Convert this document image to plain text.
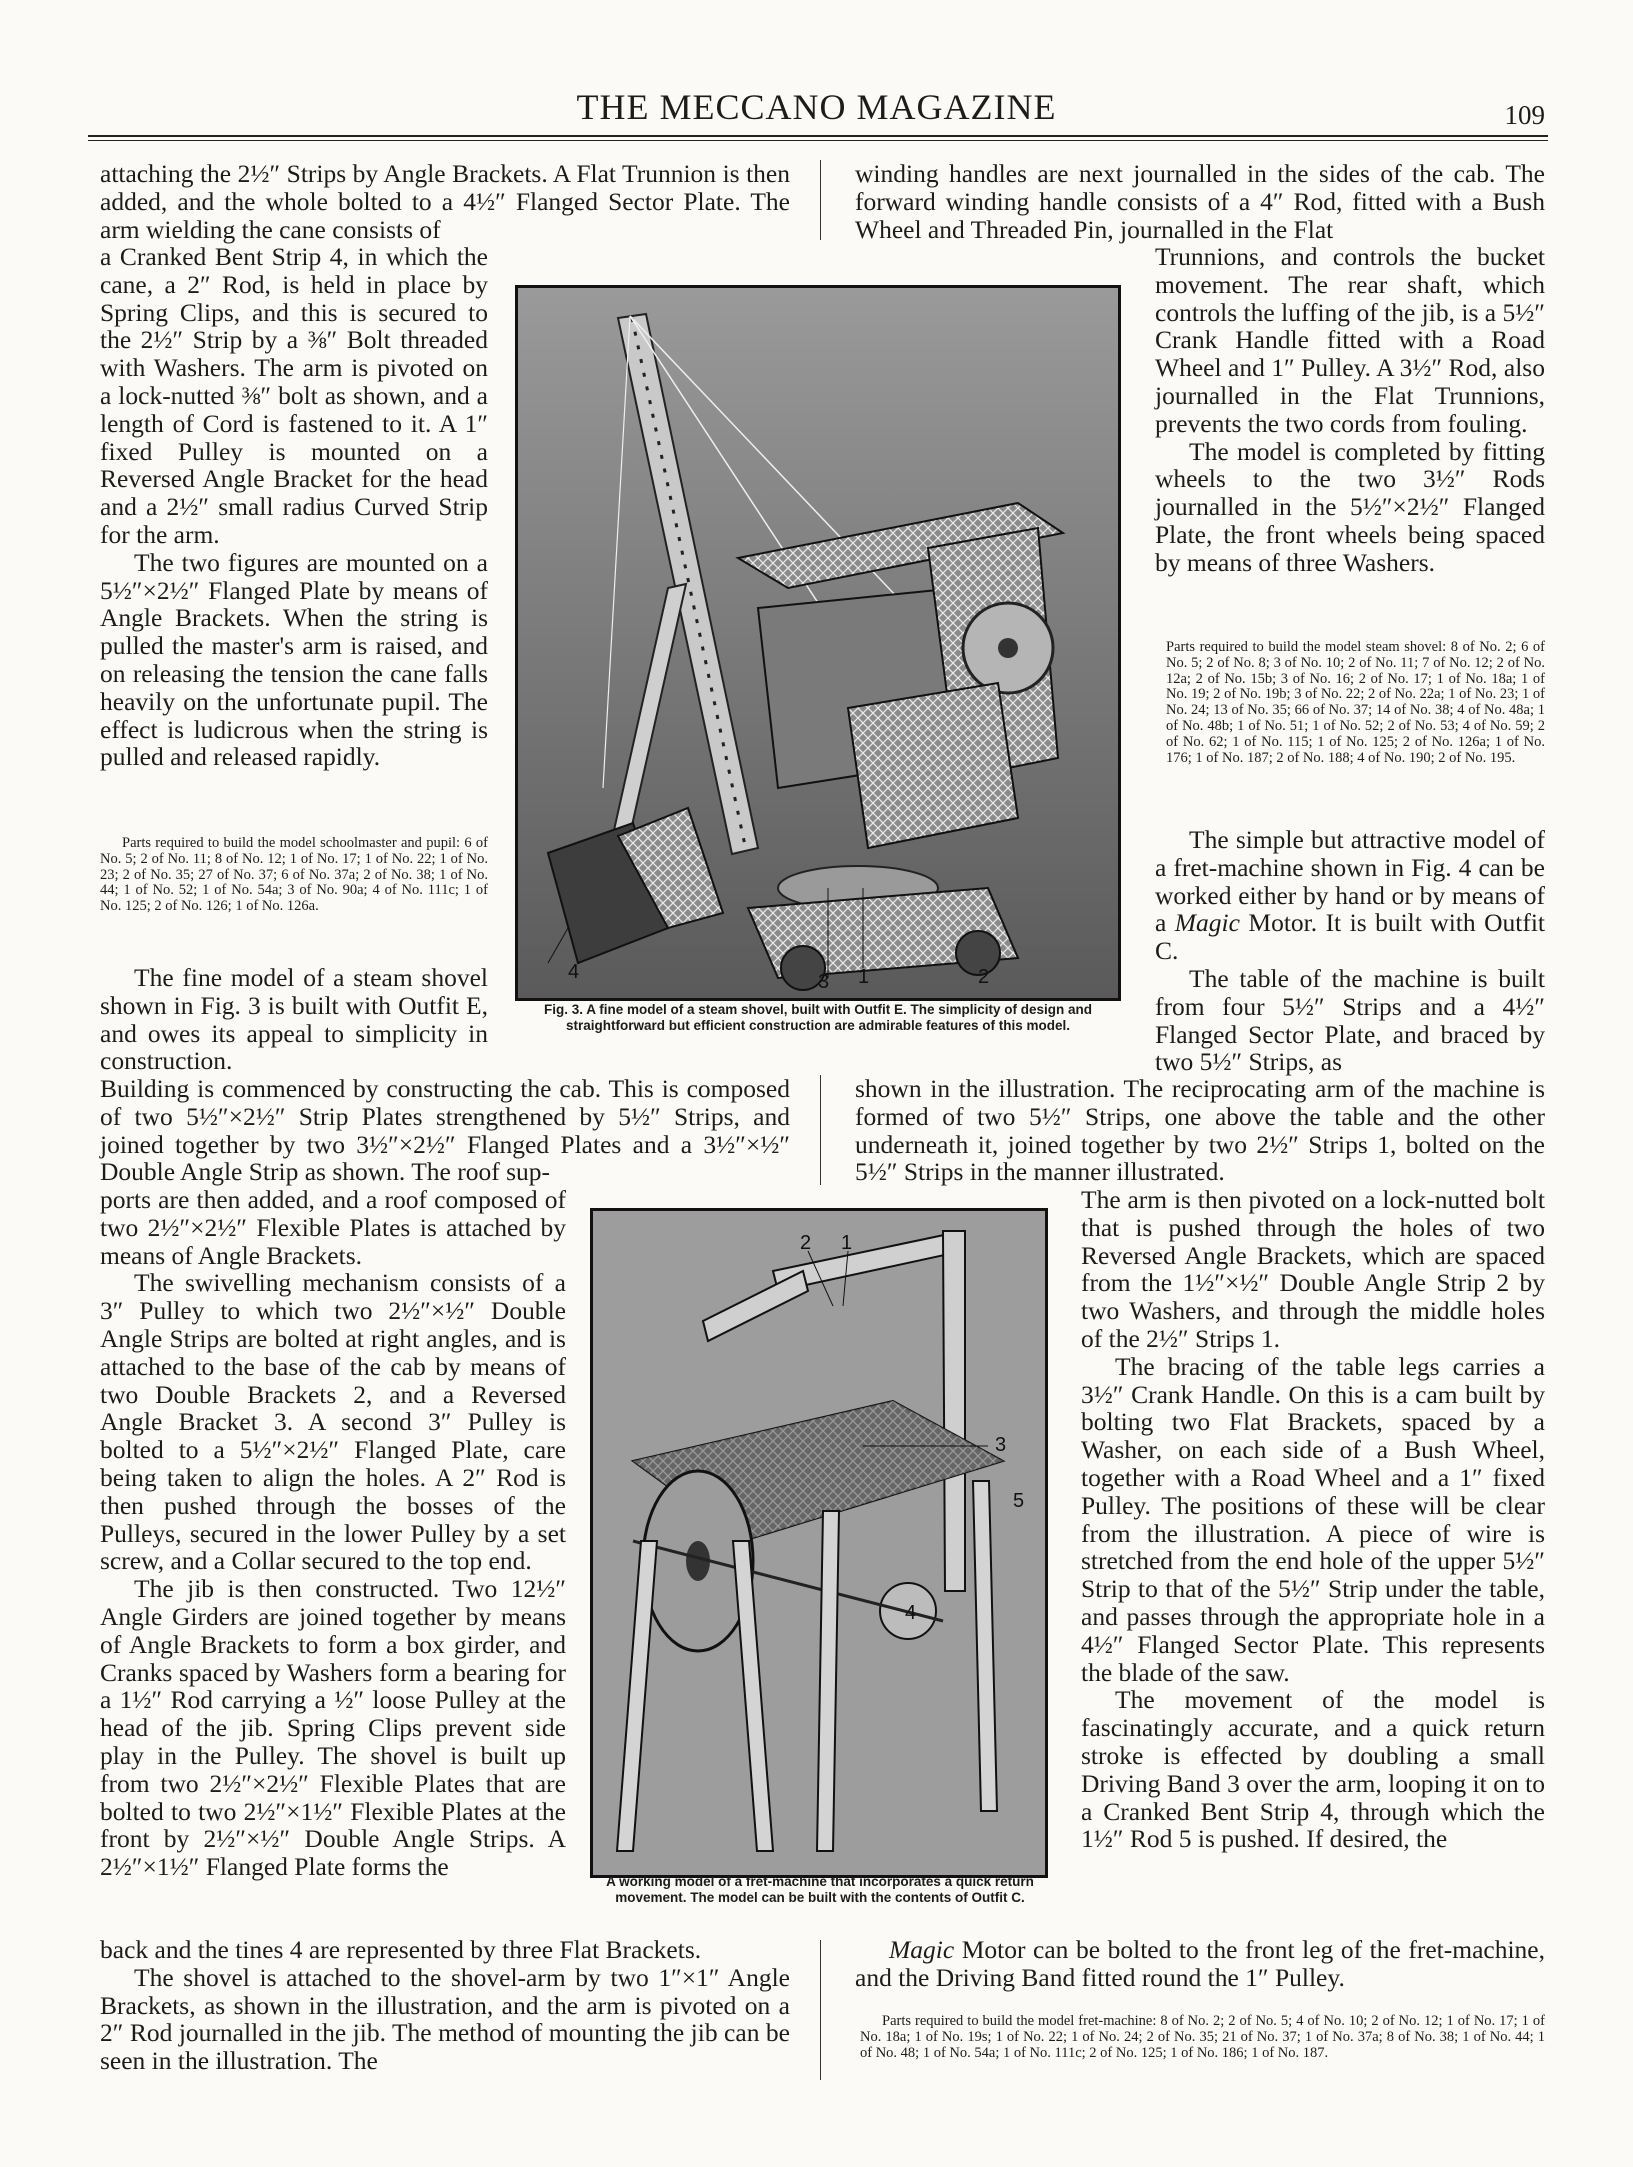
THE MECCANO MAGAZINE	109

attaching the 2½″ Strips by Angle Brackets. A Flat Trunnion is then added, and the whole bolted to a 4½″ Flanged Sector Plate. The arm wielding the cane consists of

a Cranked Bent Strip 4, in which the cane, a 2″ Rod, is held in place by Spring Clips, and this is secured to the 2½″ Strip by a ⅜″ Bolt threaded with Washers. The arm is pivoted on a lock-nutted ⅜″ bolt as shown, and a length of Cord is fastened to it. A 1″ fixed Pulley is mounted on a Reversed Angle Bracket for the head and a 2½″ small radius Curved Strip for the arm.

The two figures are mounted on a 5½″×2½″ Flanged Plate by means of Angle Brackets. When the string is pulled the master's arm is raised, and on releasing the tension the cane falls heavily on the unfortunate pupil. The effect is ludicrous when the string is pulled and released rapidly.

Parts required to build the model schoolmaster and pupil: 6 of No. 5; 2 of No. 11; 8 of No. 12; 1 of No. 17; 1 of No. 22; 1 of No. 23; 2 of No. 35; 27 of No. 37; 6 of No. 37a; 2 of No. 38; 1 of No. 44; 1 of No. 52; 1 of No. 54a; 3 of No. 90a; 4 of No. 111c; 1 of No. 125; 2 of No. 126; 1 of No. 126a.

The fine model of a steam shovel shown in Fig. 3 is built with Outfit E, and owes its appeal to simplicity in construction.

Building is commenced by constructing the cab. This is composed of two 5½″×2½″ Strip Plates strengthened by 5½″ Strips, and joined together by two 3½″×2½″ Flanged Plates and a 3½″×½″ Double Angle Strip as shown. The roof sup-

ports are then added, and a roof composed of two 2½″×2½″ Flexible Plates is attached by means of Angle Brackets.

The swivelling mechanism consists of a 3″ Pulley to which two 2½″×½″ Double Angle Strips are bolted at right angles, and is attached to the base of the cab by means of two Double Brackets 2, and a Reversed Angle Bracket 3. A second 3″ Pulley is bolted to a 5½″×2½″ Flanged Plate, care being taken to align the holes. A 2″ Rod is then pushed through the bosses of the Pulleys, secured in the lower Pulley by a set screw, and a Collar secured to the top end.

The jib is then constructed. Two 12½″ Angle Girders are joined together by means of Angle Brackets to form a box girder, and Cranks spaced by Washers form a bearing for a 1½″ Rod carrying a ½″ loose Pulley at the head of the jib. Spring Clips prevent side play in the Pulley. The shovel is built up from two 2½″×2½″ Flexible Plates that are bolted to two 2½″×1½″ Flexible Plates at the front by 2½″×½″ Double Angle Strips. A 2½″×1½″ Flanged Plate forms the

back and the tines 4 are represented by three Flat Brackets.

The shovel is attached to the shovel-arm by two 1″×1″ Angle Brackets, as shown in the illustration, and the arm is pivoted on a 2″ Rod journalled in the jib. The method of mounting the jib can be seen in the illustration. The

winding handles are next journalled in the sides of the cab. The forward winding handle consists of a 4″ Rod, fitted with a Bush Wheel and Threaded Pin, journalled in the Flat

Trunnions, and controls the bucket movement. The rear shaft, which controls the luffing of the jib, is a 5½″ Crank Handle fitted with a Road Wheel and 1″ Pulley. A 3½″ Rod, also journalled in the Flat Trunnions, prevents the two cords from fouling.

The model is completed by fitting wheels to the two 3½″ Rods journalled in the 5½″×2½″ Flanged Plate, the front wheels being spaced by means of three Washers.

Parts required to build the model steam shovel: 8 of No. 2; 6 of No. 5; 2 of No. 8; 3 of No. 10; 2 of No. 11; 7 of No. 12; 2 of No. 12a; 2 of No. 15b; 3 of No. 16; 2 of No. 17; 1 of No. 18a; 1 of No. 19; 2 of No. 19b; 3 of No. 22; 2 of No. 22a; 1 of No. 23; 1 of No. 24; 13 of No. 35; 66 of No. 37; 14 of No. 38; 4 of No. 48a; 1 of No. 48b; 1 of No. 51; 1 of No. 52; 2 of No. 53; 4 of No. 59; 2 of No. 62; 1 of No. 115; 1 of No. 125; 2 of No. 126a; 1 of No. 176; 1 of No. 187; 2 of No. 188; 4 of No. 190; 2 of No. 195.

The simple but attractive model of a fret-machine shown in Fig. 4 can be worked either by hand or by means of a Magic Motor. It is built with Outfit C.

The table of the machine is built from four 5½″ Strips and a 4½″ Flanged Sector Plate, and braced by two 5½″ Strips, as

shown in the illustration. The reciprocating arm of the machine is formed of two 5½″ Strips, one above the table and the other underneath it, joined together by two 2½″ Strips 1, bolted on the 5½″ Strips in the manner illustrated.

The arm is then pivoted on a lock-nutted bolt that is pushed through the holes of two Reversed Angle Brackets, which are spaced from the 1½″×½″ Double Angle Strip 2 by two Washers, and through the middle holes of the 2½″ Strips 1.

The bracing of the table legs carries a 3½″ Crank Handle. On this is a cam built by bolting two Flat Brackets, spaced by a Washer, on each side of a Bush Wheel, together with a Road Wheel and a 1″ fixed Pulley. The positions of these will be clear from the illustration. A piece of wire is stretched from the end hole of the upper 5½″ Strip to that of the 5½″ Strip under the table, and passes through the appropriate hole in a 4½″ Flanged Sector Plate. This represents the blade of the saw.

The movement of the model is fascinatingly accurate, and a quick return stroke is effected by doubling a small Driving Band 3 over the arm, looping it on to a Cranked Bent Strip 4, through which the 1½″ Rod 5 is pushed. If desired, the

Magic Motor can be bolted to the front leg of the fret-machine, and the Driving Band fitted round the 1″ Pulley.

Parts required to build the model fret-machine: 8 of No. 2; 2 of No. 5; 4 of No. 10; 2 of No. 12; 1 of No. 17; 1 of No. 18a; 1 of No. 19s; 1 of No. 22; 1 of No. 24; 2 of No. 35; 21 of No. 37; 1 of No. 37a; 8 of No. 38; 1 of No. 44; 1 of No. 48; 1 of No. 54a; 1 of No. 111c; 2 of No. 125; 1 of No. 186; 1 of No. 187.
4	3 1	2
Fig. 3. A fine model of a steam shovel, built with Outfit E. The simplicity of design and straightforward but efficient construction are admirable features of this model.
2 1
3
5
4
A working model of a fret-machine that incorporates a quick return movement. The model can be built with the contents of Outfit C.
